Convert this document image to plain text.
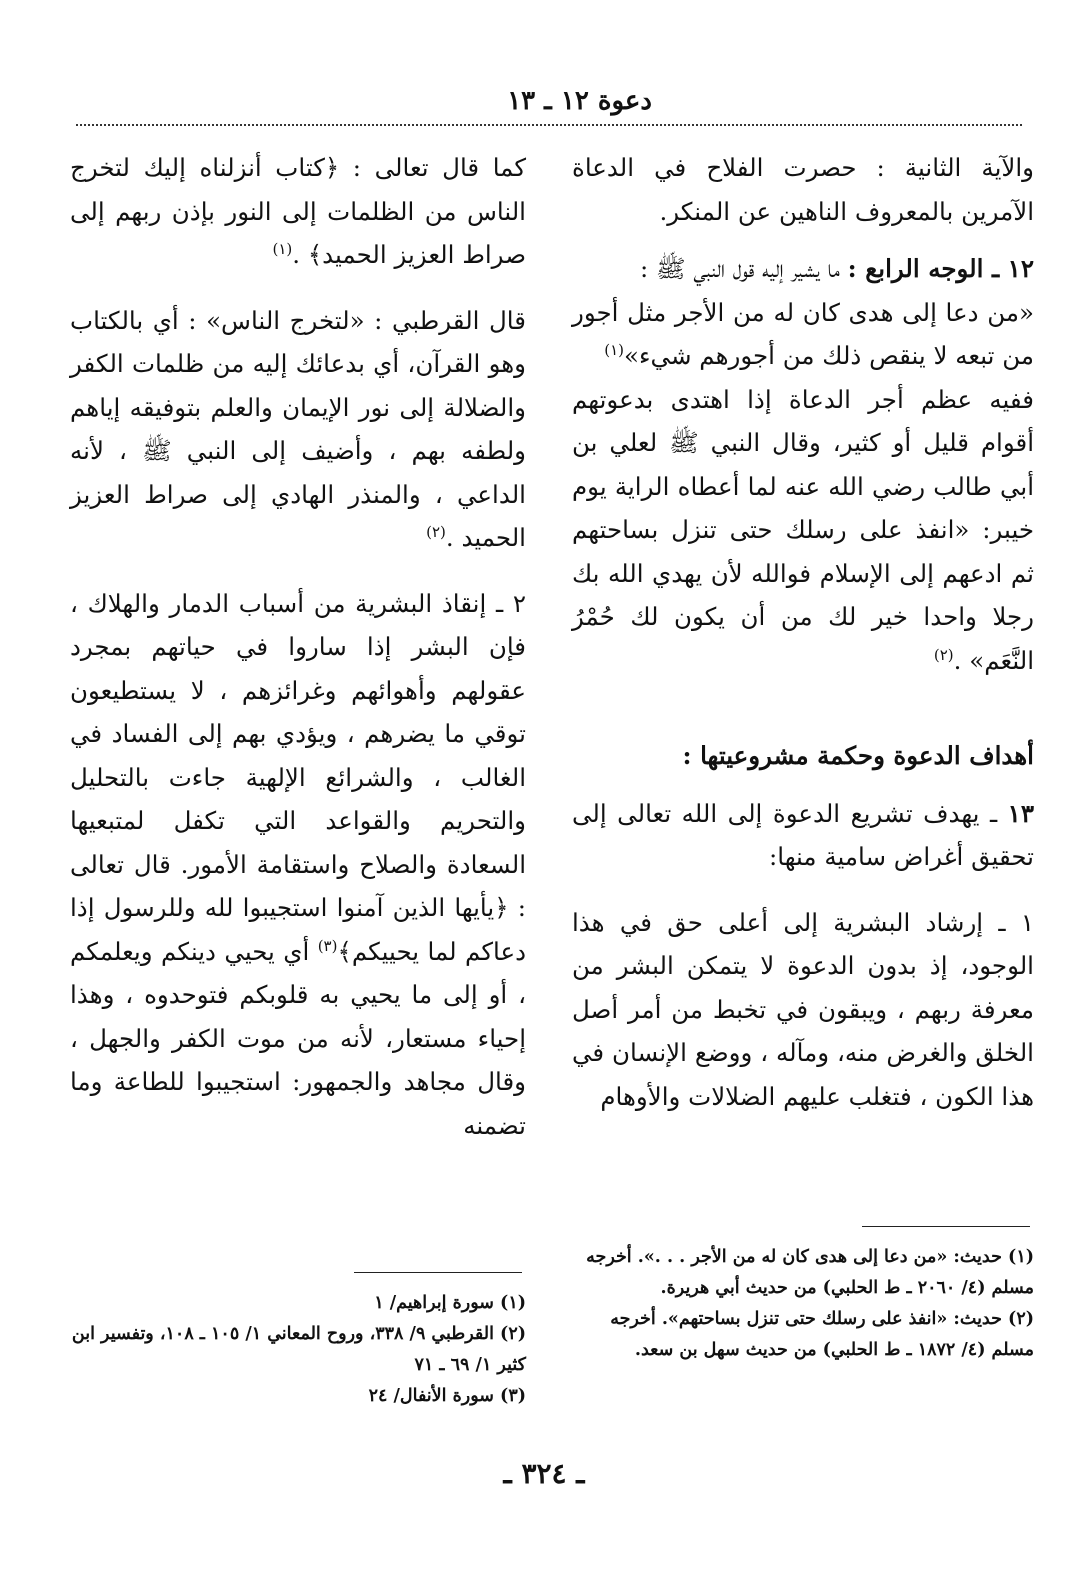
دعوة ١٢ ـ ١٣

والآية الثانية : حصرت الفلاح في الدعاة الآمرين بالمعروف الناهين عن المنكر.

١٢ ـ الوجه الرابع : ما يشير إليه قول النبي ﷺ :

«من دعا إلى هدى كان له من الأجر مثل أجور من تبعه لا ينقص ذلك من أجورهم شيء»$^{(١)}$

ففيه عظم أجر الدعاة إذا اهتدى بدعوتهم أقوام قليل أو كثير، وقال النبي ﷺ لعلي بن أبي طالب رضي الله عنه لما أعطاه الراية يوم خيبر: «انفذ على رسلك حتى تنزل بساحتهم ثم ادعهم إلى الإسلام فوالله لأن يهدي الله بك رجلا واحدا خير لك من أن يكون لك حُمْرُ النَّعَم» .$^{(٢)}$

أهداف الدعوة وحكمة مشروعيتها :

١٣ ـ يهدف تشريع الدعوة إلى الله تعالى إلى تحقيق أغراض سامية منها:

١ ـ إرشاد البشرية إلى أعلى حق في هذا الوجود، إذ بدون الدعوة لا يتمكن البشر من معرفة ربهم ، ويبقون في تخبط من أمر أصل الخلق والغرض منه، ومآله ، ووضع الإنسان في هذا الكون ، فتغلب عليهم الضلالات والأوهام

كما قال تعالى : ﴿كتاب أنزلناه إليك لتخرج الناس من الظلمات إلى النور بإذن ربهم إلى صراط العزيز الحميد﴾ .$^{(١)}$

قال القرطبي : «لتخرج الناس» : أي بالكتاب وهو القرآن، أي بدعائك إليه من ظلمات الكفر والضلالة إلى نور الإيمان والعلم بتوفيقه إياهم ولطفه بهم ، وأضيف إلى النبي ﷺ ، لأنه الداعي ، والمنذر الهادي إلى صراط العزيز الحميد .$^{(٢)}$

٢ ـ إنقاذ البشرية من أسباب الدمار والهلاك ، فإن البشر إذا ساروا في حياتهم بمجرد عقولهم وأهوائهم وغرائزهم ، لا يستطيعون توقي ما يضرهم ، ويؤدي بهم إلى الفساد في الغالب ، والشرائع الإلهية جاءت بالتحليل والتحريم والقواعد التي تكفل لمتبعيها السعادة والصلاح واستقامة الأمور. قال تعالى : ﴿يأيها الذين آمنوا استجيبوا لله وللرسول إذا دعاكم لما يحييكم﴾$^{(٣)}$ أي يحيي دينكم ويعلمكم ، أو إلى ما يحيي به قلوبكم فتوحدوه ، وهذا إحياء مستعار، لأنه من موت الكفر والجهل ، وقال مجاهد والجمهور: استجيبوا للطاعة وما تضمنه

(١) حديث: «من دعا إلى هدى كان له من الأجر . . .». أخرجه مسلم (٤/ ٢٠٦٠ ـ ط الحلبي) من حديث أبي هريرة.

(٢) حديث: «انفذ على رسلك حتى تنزل بساحتهم». أخرجه مسلم (٤/ ١٨٧٢ ـ ط الحلبي) من حديث سهل بن سعد.

(١) سورة إبراهيم/ ١

(٢) القرطبي ٩/ ٣٣٨، وروح المعاني ١/ ١٠٥ ـ ١٠٨، وتفسير ابن كثير ١/ ٦٩ ـ ٧١

(٣) سورة الأنفال/ ٢٤

ـ ٣٢٤ ـ
